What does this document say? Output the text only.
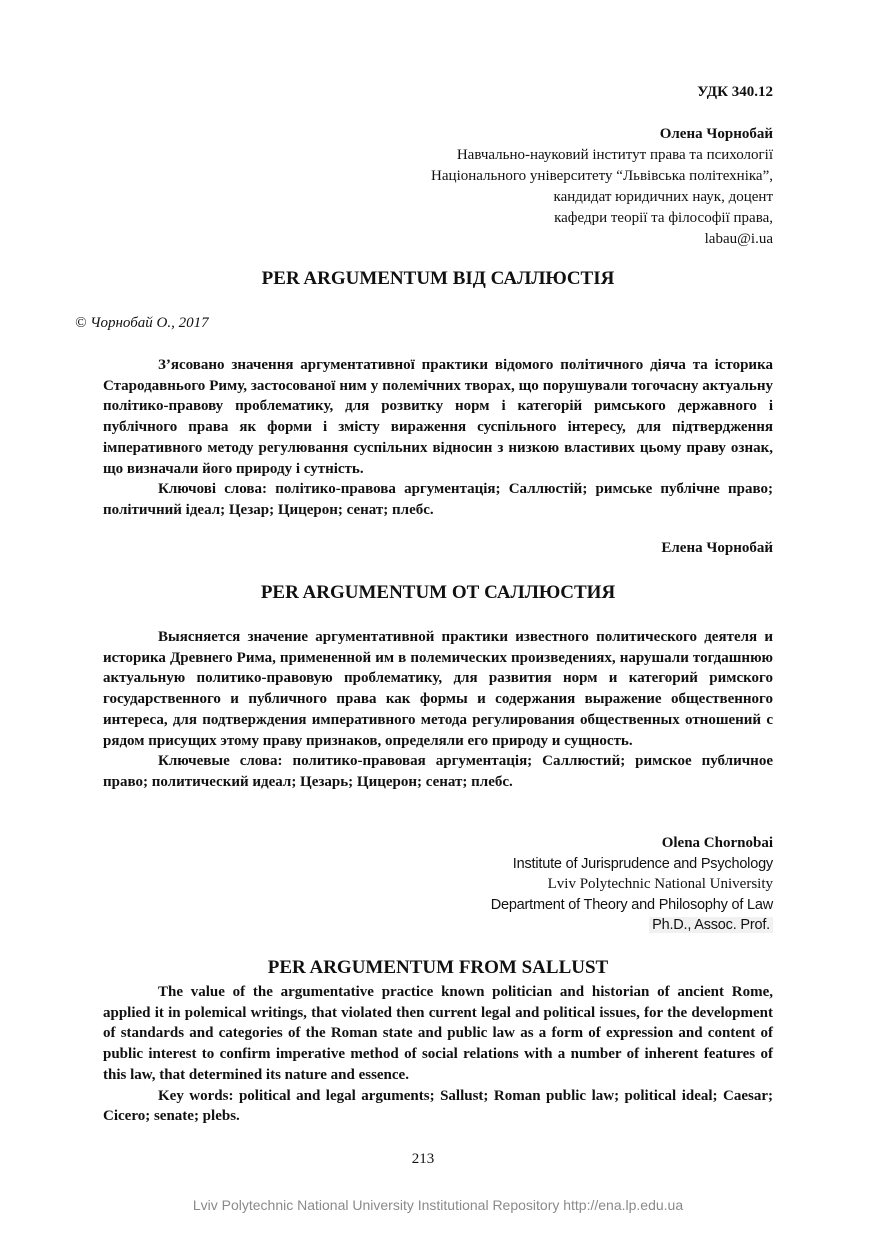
УДК 340.12
Олена Чорнобай
Навчально-науковий інститут права та психології
Національного університету “Львівська політехніка”,
кандидат юридичних наук, доцент
кафедри теорії та філософії права,
labau@i.ua
PER ARGUMENTUM ВІД САЛЛЮСТІЯ
© Чорнобай О., 2017

З’ясовано значення аргументативної практики відомого політичного діяча та історика Стародавнього Риму, застосованої ним у полемічних творах, що порушували тогочасну актуальну політико-правову проблематику, для розвитку норм і категорій римського державного і публічного права як форми і змісту вираження суспільного інтересу, для підтвердження імперативного методу регулювання суспільних відносин з низкою властивих цьому праву ознак, що визначали його природу і сутність.

Ключові слова: політико-правова аргументація; Саллюстій; римське публічне право; політичний ідеал; Цезар; Цицерон; сенат; плебс.

Елена Чорнобай
PER ARGUMENTUM ОТ САЛЛЮСТИЯ

Выясняется значение аргументативной практики известного политического деятеля и историка Древнего Рима, примененной им в полемических произведениях, нарушали тогдашнюю актуальную политико-правовую проблематику, для развития норм и категорий римского государственного и публичного права как формы и содержания выражение общественного интереса, для подтверждения императивного метода регулирования общественных отношений с рядом присущих этому праву признаков, определяли его природу и сущность.

Ключевые слова: политико-правовая аргументація; Саллюстий; римское публичное право; политический идеал; Цезарь; Цицерон; сенат; плебс.

Olena Chornobai
Institute of Jurisprudence and Psychology
Lviv Polytechnic National University
Department of Theory and Philosophy of Law
Ph.D., Assoc. Prof.
PER ARGUMENTUM FROM SALLUST

The value of the argumentative practice known politician and historian of ancient Rome, applied it in polemical writings, that violated then current legal and political issues, for the development of standards and categories of the Roman state and public law as a form of expression and content of public interest to confirm imperative method of social relations with a number of inherent features of this law, that determined its nature and essence.

Key words: political and legal arguments; Sallust; Roman public law; political ideal; Caesar; Cicero; senate; plebs.

213
Lviv Polytechnic National University Institutional Repository http://ena.lp.edu.ua
